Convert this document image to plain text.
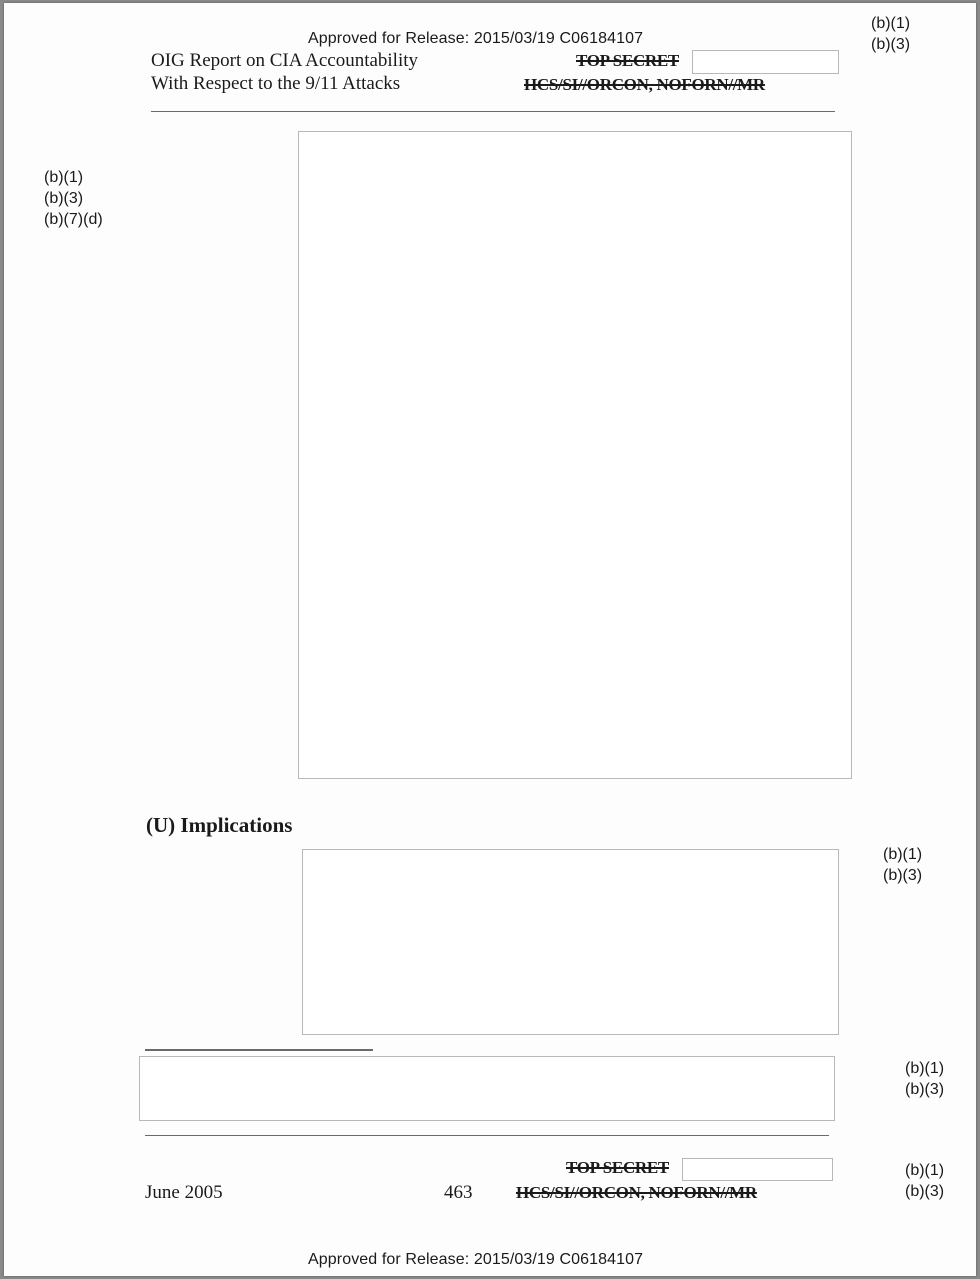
Approved for Release: 2015/03/19 C06184107
(b)(1)
(b)(3)
OIG Report on CIA Accountability
With Respect to the 9/11 Attacks
TOP SECRET
HCS/SI//ORCON, NOFORN//MR
(b)(1)
(b)(3)
(b)(7)(d)
(U) Implications
(b)(1)
(b)(3)
(b)(1)
(b)(3)
TOP SECRET
June 2005	463	HCS/SI//ORCON, NOFORN//MR
(b)(1)
(b)(3)
Approved for Release: 2015/03/19 C06184107
